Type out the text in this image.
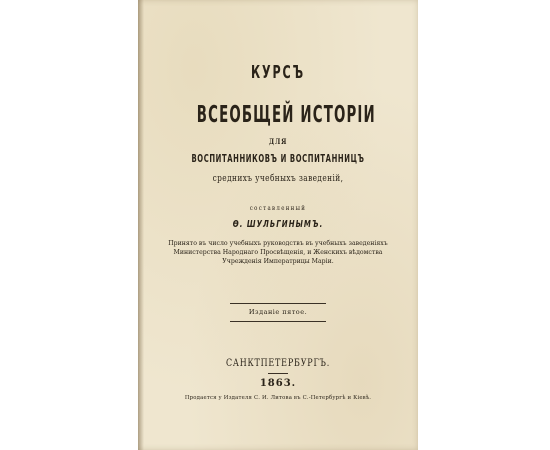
КУРСЪ
ВСЕОБЩЕЙ ИСТОРІИ
ДЛЯ
ВОСПИТАННИКОВЪ И ВОСПИТАННИЦЪ
среднихъ учебныхъ заведеній,
составленный
Ѳ. ШУЛЬГИНЫМЪ.
Принято въ число учебныхъ руководствъ въ учебныхъ заведеніяхъ Министерства Народнаго Просвѣщенія, и Женскихъ вѣдомства Учрежденія Императрицы Маріи.
Изданіе пятое.
САНКТПЕТЕРБУРГЪ.
1863.
Продается у Издателя С. И. Литова въ С.-Петербургѣ и Кіевѣ.
